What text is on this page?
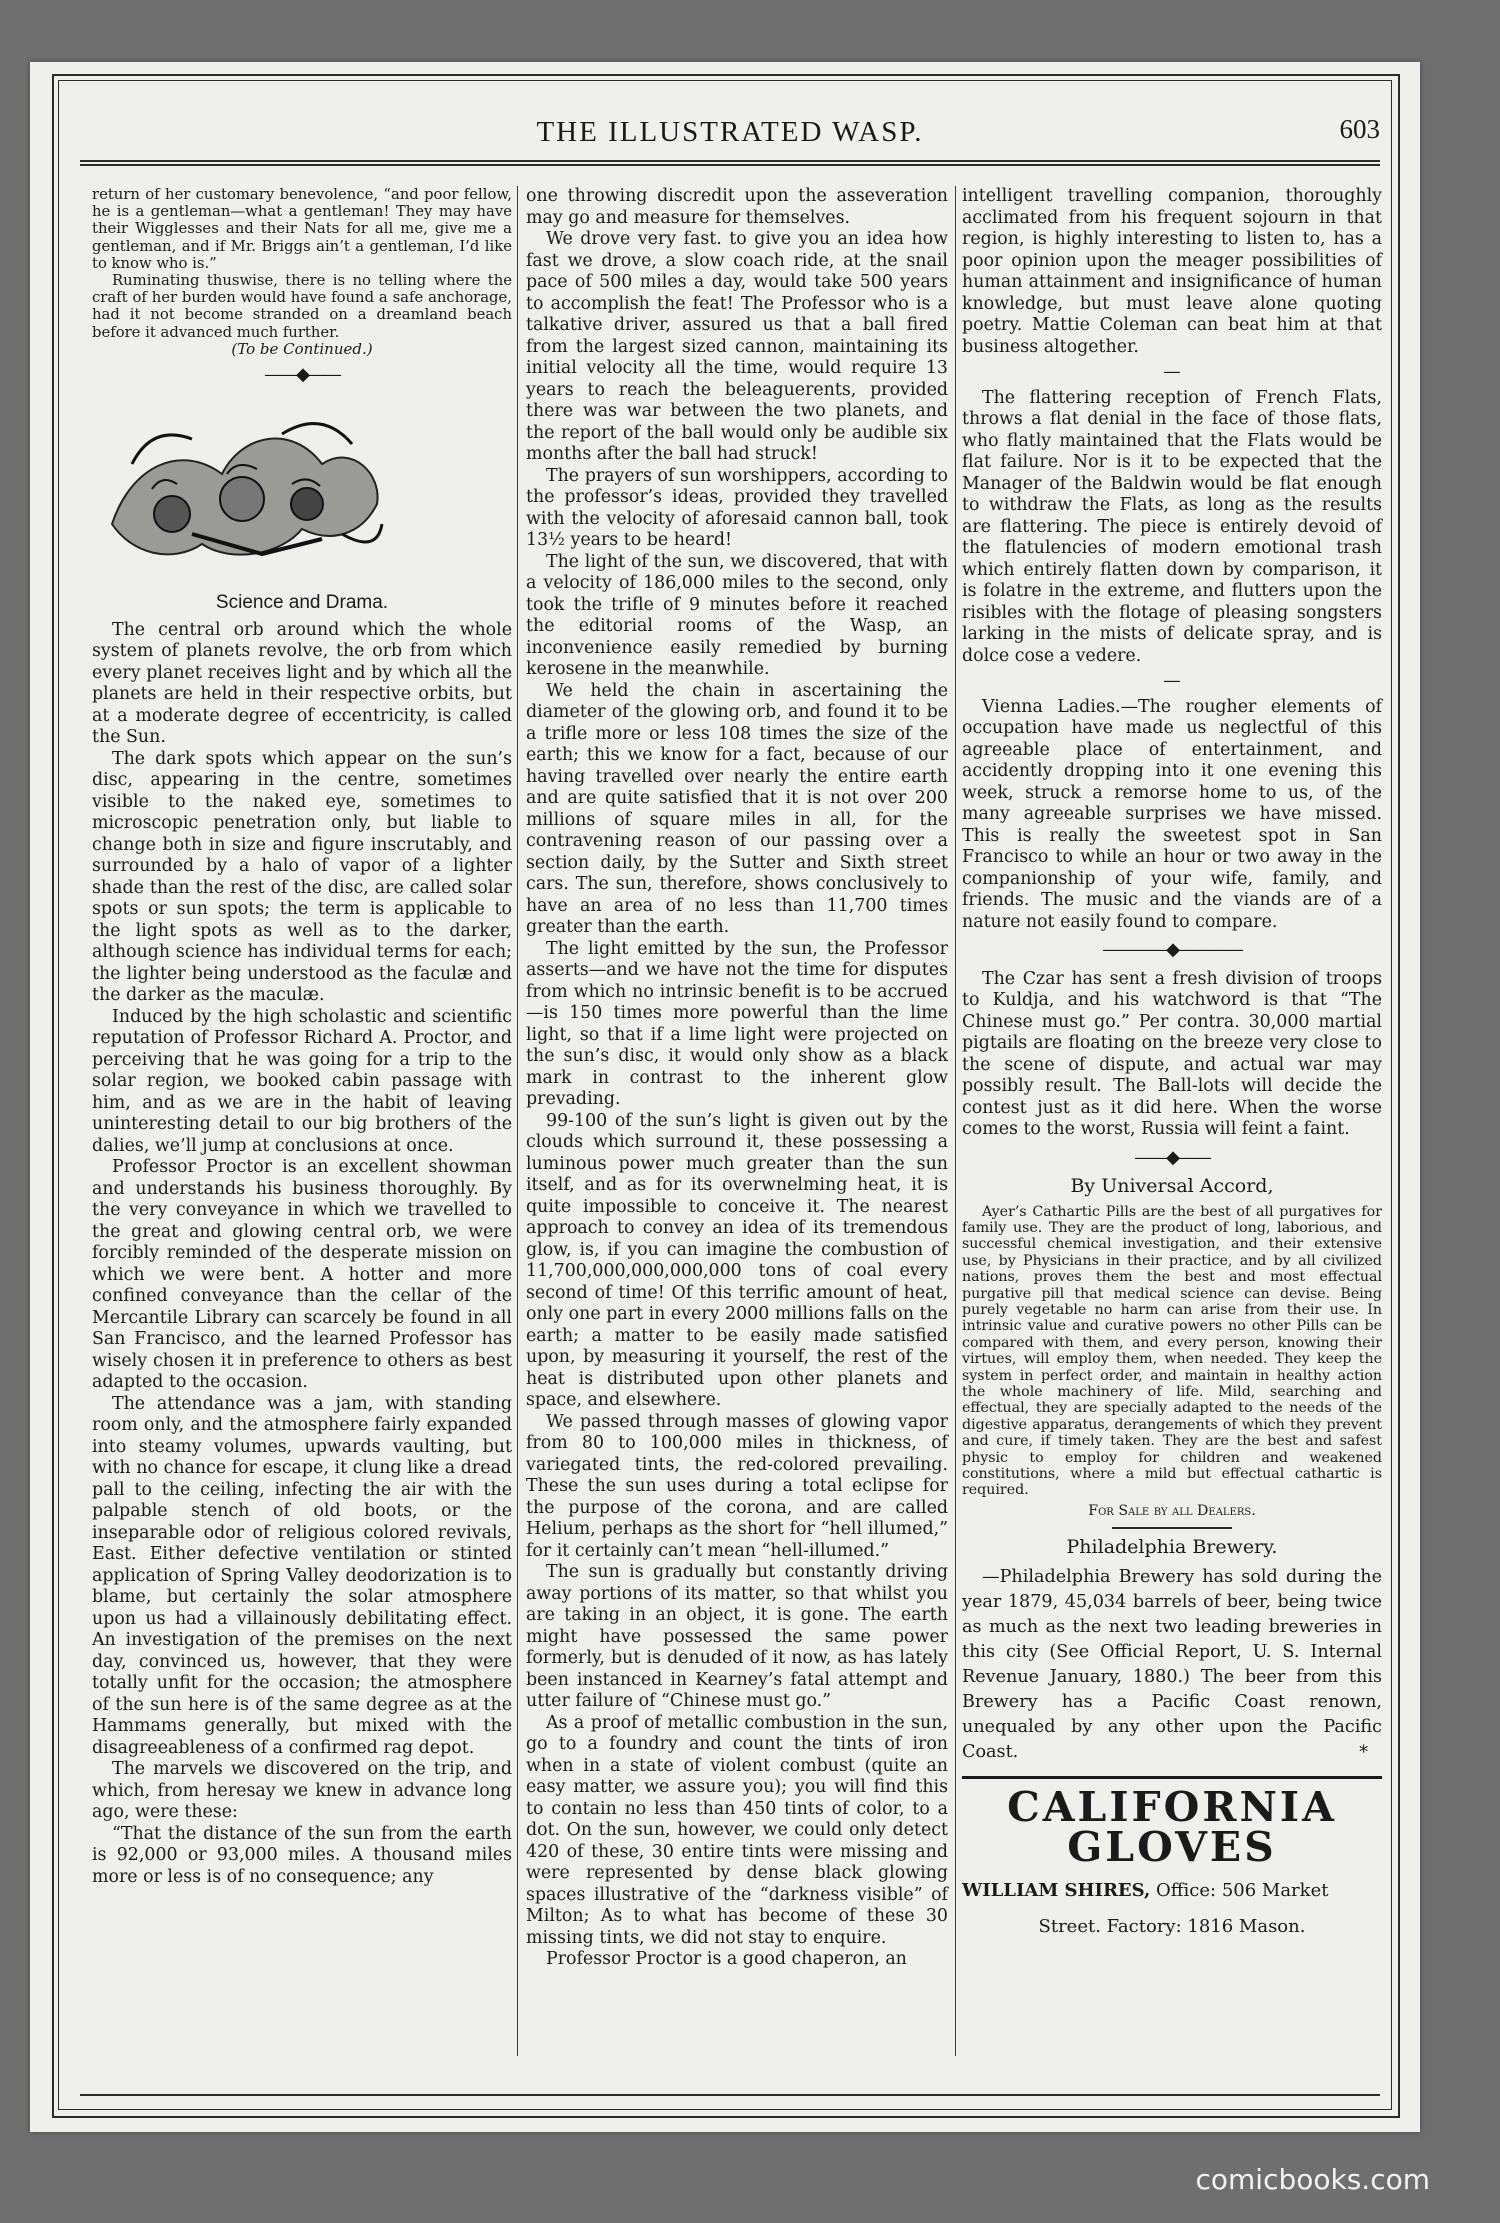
THE ILLUSTRATED WASP.	603

return of her customary benevolence, “and poor fellow, he is a gentleman—what a gentleman! They may have their Wigglesses and their Nats for all me, give me a gentleman, and if Mr. Briggs ain’t a gentleman, I’d like to know who is.”

Ruminating thuswise, there is no telling where the craft of her burden would have found a safe anchorage, had it not become stranded on a dreamland beach before it advanced much further.

(To be Continued.)
——◆——
Science and Drama.

The central orb around which the whole system of planets revolve, the orb from which every planet receives light and by which all the planets are held in their respective orbits, but at a moderate degree of eccentricity, is called the Sun.

The dark spots which appear on the sun’s disc, appearing in the centre, sometimes visible to the naked eye, sometimes to microscopic penetration only, but liable to change both in size and figure inscrutably, and surrounded by a halo of vapor of a lighter shade than the rest of the disc, are called solar spots or sun spots; the term is applicable to the light spots as well as to the darker, although science has individual terms for each; the lighter being understood as the faculæ and the darker as the maculæ.

Induced by the high scholastic and scientific reputation of Professor Richard A. Proctor, and perceiving that he was going for a trip to the solar region, we booked cabin passage with him, and as we are in the habit of leaving uninteresting detail to our big brothers of the dalies, we’ll jump at conclusions at once.

Professor Proctor is an excellent showman and understands his business thoroughly. By the very conveyance in which we travelled to the great and glowing central orb, we were forcibly reminded of the desperate mission on which we were bent. A hotter and more confined conveyance than the cellar of the Mercantile Library can scarcely be found in all San Francisco, and the learned Professor has wisely chosen it in preference to others as best adapted to the occasion.

The attendance was a jam, with standing room only, and the atmosphere fairly expanded into steamy volumes, upwards vaulting, but with no chance for escape, it clung like a dread pall to the ceiling, infecting the air with the palpable stench of old boots, or the inseparable odor of religious colored revivals, East. Either defective ventilation or stinted application of Spring Valley deodorization is to blame, but certainly the solar atmosphere upon us had a villainously debilitating effect. An investigation of the premises on the next day, convinced us, however, that they were totally unfit for the occasion; the atmosphere of the sun here is of the same degree as at the Hammams generally, but mixed with the disagreeableness of a confirmed rag depot.

The marvels we discovered on the trip, and which, from heresay we knew in advance long ago, were these:

“That the distance of the sun from the earth is 92,000 or 93,000 miles. A thousand miles more or less is of no consequence; any

one throwing discredit upon the asseveration may go and measure for themselves.

We drove very fast. to give you an idea how fast we drove, a slow coach ride, at the snail pace of 500 miles a day, would take 500 years to accomplish the feat! The Professor who is a talkative driver, assured us that a ball fired from the largest sized cannon, maintaining its initial velocity all the time, would require 13 years to reach the beleaguerents, provided there was war between the two planets, and the report of the ball would only be audible six months after the ball had struck!

The prayers of sun worshippers, according to the professor’s ideas, provided they travelled with the velocity of aforesaid cannon ball, took 13½ years to be heard!

The light of the sun, we discovered, that with a velocity of 186,000 miles to the second, only took the trifle of 9 minutes before it reached the editorial rooms of the Wasp, an inconvenience easily remedied by burning kerosene in the meanwhile.

We held the chain in ascertaining the diameter of the glowing orb, and found it to be a trifle more or less 108 times the size of the earth; this we know for a fact, because of our having travelled over nearly the entire earth and are quite satisfied that it is not over 200 millions of square miles in all, for the contravening reason of our passing over a section daily, by the Sutter and Sixth street cars. The sun, therefore, shows conclusively to have an area of no less than 11,700 times greater than the earth.

The light emitted by the sun, the Professor asserts—and we have not the time for disputes from which no intrinsic benefit is to be accrued—is 150 times more powerful than the lime light, so that if a lime light were projected on the sun’s disc, it would only show as a black mark in contrast to the inherent glow prevading.

99-100 of the sun’s light is given out by the clouds which surround it, these possessing a luminous power much greater than the sun itself, and as for its overwnelming heat, it is quite impossible to conceive it. The nearest approach to convey an idea of its tremendous glow, is, if you can imagine the combustion of 11,700,000,000,000,000 tons of coal every second of time! Of this terrific amount of heat, only one part in every 2000 millions falls on the earth; a matter to be easily made satisfied upon, by measuring it yourself, the rest of the heat is distributed upon other planets and space, and elsewhere.

We passed through masses of glowing vapor from 80 to 100,000 miles in thickness, of variegated tints, the red-colored prevailing. These the sun uses during a total eclipse for the purpose of the corona, and are called Helium, perhaps as the short for “hell illumed,” for it certainly can’t mean “hell-illumed.”

The sun is gradually but constantly driving away portions of its matter, so that whilst you are taking in an object, it is gone. The earth might have possessed the same power formerly, but is denuded of it now, as has lately been instanced in Kearney’s fatal attempt and utter failure of “Chinese must go.”

As a proof of metallic combustion in the sun, go to a foundry and count the tints of iron when in a state of violent combust (quite an easy matter, we assure you); you will find this to contain no less than 450 tints of color, to a dot. On the sun, however, we could only detect 420 of these, 30 entire tints were missing and were represented by dense black glowing spaces illustrative of the “darkness visible” of Milton; As to what has become of these 30 missing tints, we did not stay to enquire.

Professor Proctor is a good chaperon, an

intelligent travelling companion, thoroughly acclimated from his frequent sojourn in that region, is highly interesting to listen to, has a poor opinion upon the meager possibilities of human attainment and insignificance of human knowledge, but must leave alone quoting poetry. Mattie Coleman can beat him at that business altogether.

—

The flattering reception of French Flats, throws a flat denial in the face of those flats, who flatly maintained that the Flats would be flat failure. Nor is it to be expected that the Manager of the Baldwin would be flat enough to withdraw the Flats, as long as the results are flattering. The piece is entirely devoid of the flatulencies of modern emotional trash which entirely flatten down by comparison, it is folatre in the extreme, and flutters upon the risibles with the flotage of pleasing songsters larking in the mists of delicate spray, and is dolce cose a vedere.

—

Vienna Ladies.—The rougher elements of occupation have made us neglectful of this agreeable place of entertainment, and accidently dropping into it one evening this week, struck a remorse home to us, of the many agreeable surprises we have missed. This is really the sweetest spot in San Francisco to while an hour or two away in the companionship of your wife, family, and friends. The music and the viands are of a nature not easily found to compare.

————◆————

The Czar has sent a fresh division of troops to Kuldja, and his watchword is that “The Chinese must go.” Per contra. 30,000 martial pigtails are floating on the breeze very close to the scene of dispute, and actual war may possibly result. The Ball-lots will decide the contest just as it did here. When the worse comes to the worst, Russia will feint a faint.

——◆——
By Universal Accord,

Ayer’s Cathartic Pills are the best of all purgatives for family use. They are the product of long, laborious, and successful chemical investigation, and their extensive use, by Physicians in their practice, and by all civilized nations, proves them the best and most effectual purgative pill that medical science can devise. Being purely vegetable no harm can arise from their use. In intrinsic value and curative powers no other Pills can be compared with them, and every person, knowing their virtues, will employ them, when needed. They keep the system in perfect order, and maintain in healthy action the whole machinery of life. Mild, searching and effectual, they are specially adapted to the needs of the digestive apparatus, derangements of which they prevent and cure, if timely taken. They are the best and safest physic to employ for children and weakened constitutions, where a mild but effectual cathartic is required.

For Sale by all Dealers.
Philadelphia Brewery.

—Philadelphia Brewery has sold during the year 1879, 45,034 barrels of beer, being twice as much as the next two leading breweries in this city (See Official Report, U. S. Internal Revenue January, 1880.) The beer from this Brewery has a Pacific Coast renown, unequaled by any other upon the Pacific Coast.	*
CALIFORNIA
GLOVES
WILLIAM SHIRES, Office: 506 Market
Street. Factory: 1816 Mason.
comicbooks.com
